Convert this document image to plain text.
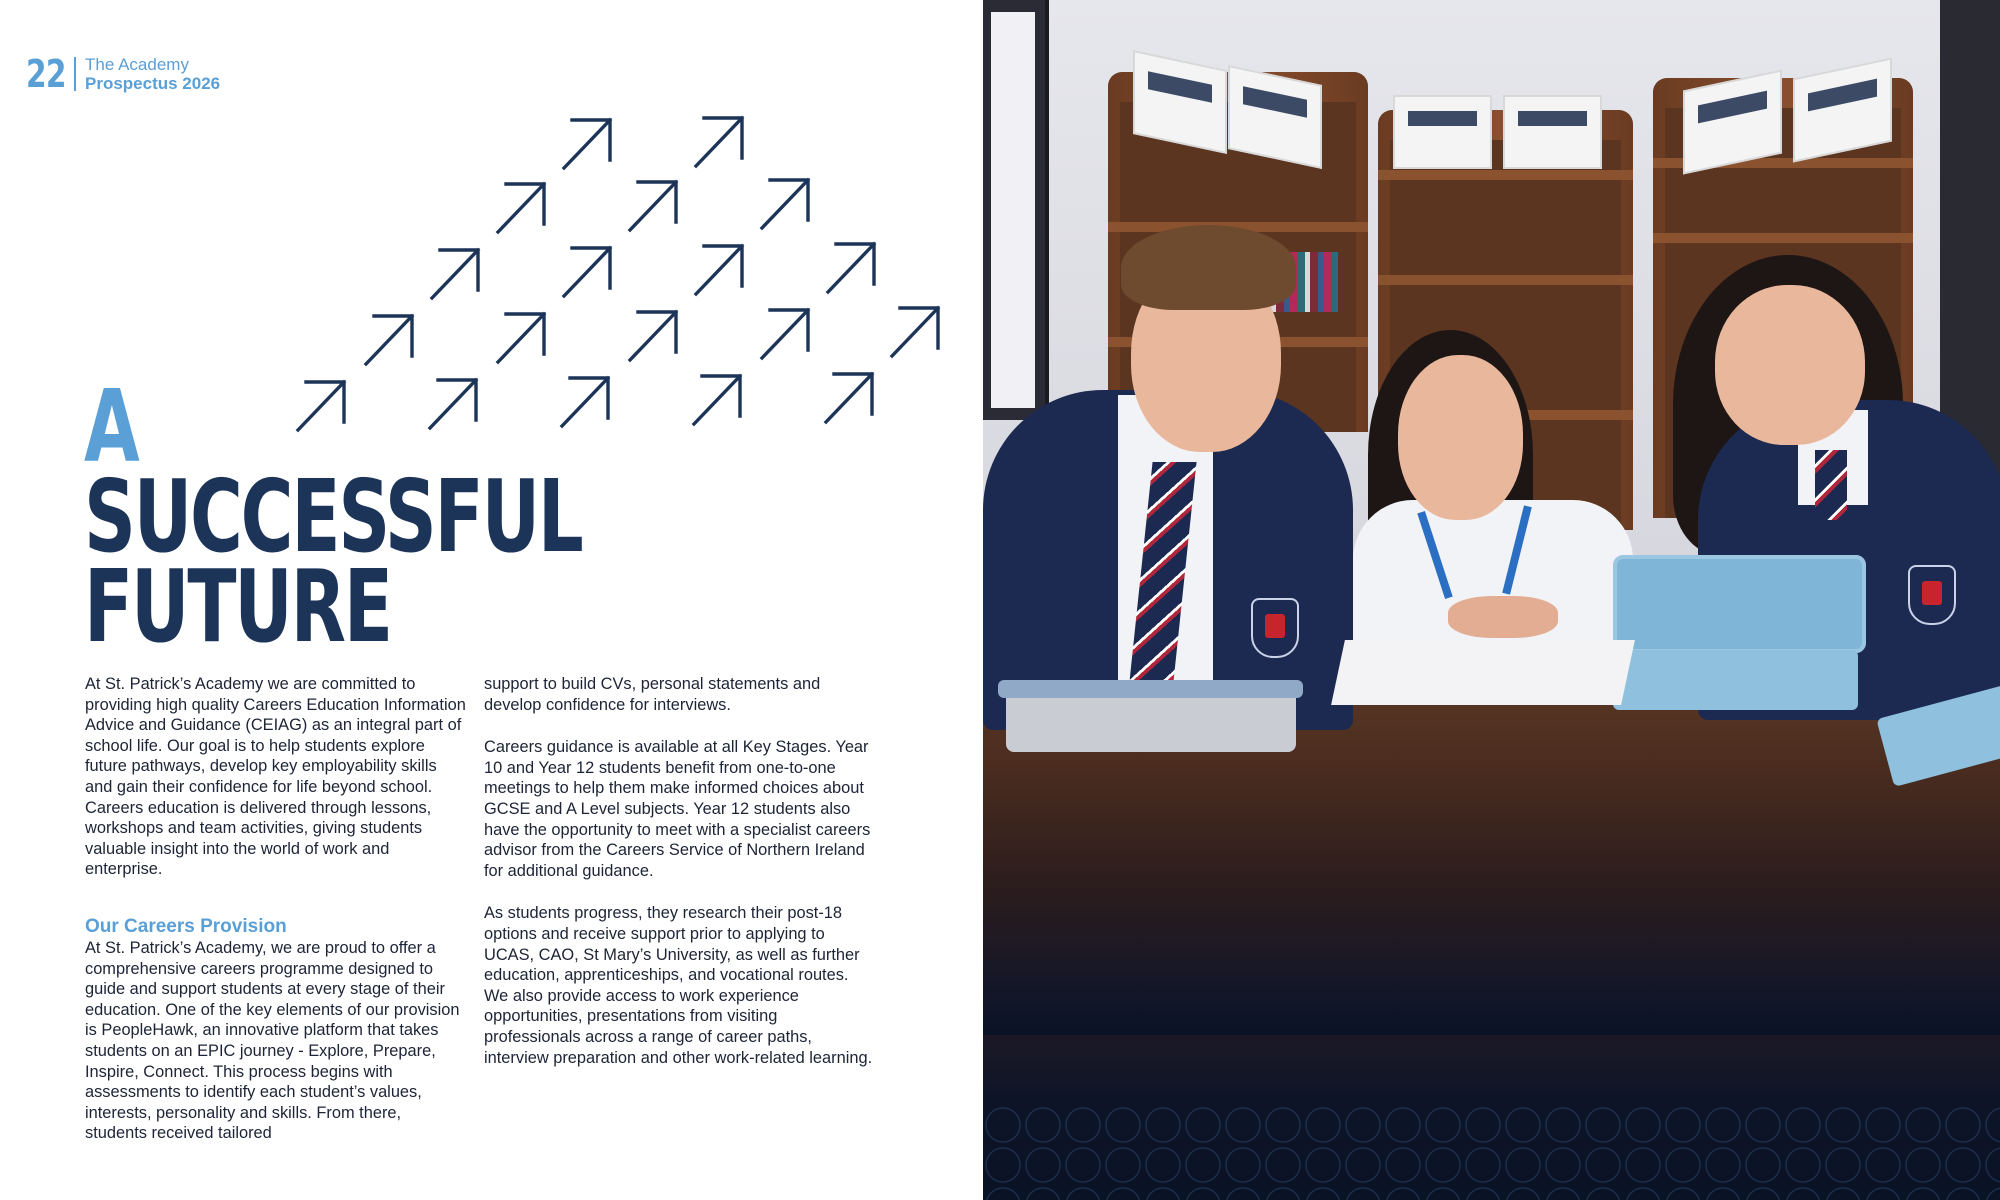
22 The Academy
Prospectus 2026
A
SUCCESSFUL
FUTURE

At St. Patrick’s Academy we are committed to providing high quality Careers Education Information Advice and Guidance (CEIAG) as an integral part of school life. Our goal is to help students explore future pathways, develop key employability skills and gain their confidence for life beyond school. Careers education is delivered through lessons, workshops and team activities, giving students valuable insight into the world of work and enterprise.

Our Careers Provision

At St. Patrick’s Academy, we are proud to offer a comprehensive careers programme designed to guide and support students at every stage of their education. One of the key elements of our provision is PeopleHawk, an innovative platform that takes students on an EPIC journey - Explore, Prepare, Inspire, Connect. This process begins with assessments to identify each student’s values, interests, personality and skills. From there, students received tailored

support to build CVs, personal statements and develop confidence for interviews.

Careers guidance is available at all Key Stages. Year 10 and Year 12 students benefit from one-to-one meetings to help them make informed choices about GCSE and A Level subjects. Year 12 students also have the opportunity to meet with a specialist careers advisor from the Careers Service of Northern Ireland for additional guidance.

As students progress, they research their post-18 options and receive support prior to applying to UCAS, CAO, St Mary’s University, as well as further education, apprenticeships, and vocational routes. We also provide access to work experience opportunities, presentations from visiting professionals across a range of career paths, interview preparation and other work-related learning.
